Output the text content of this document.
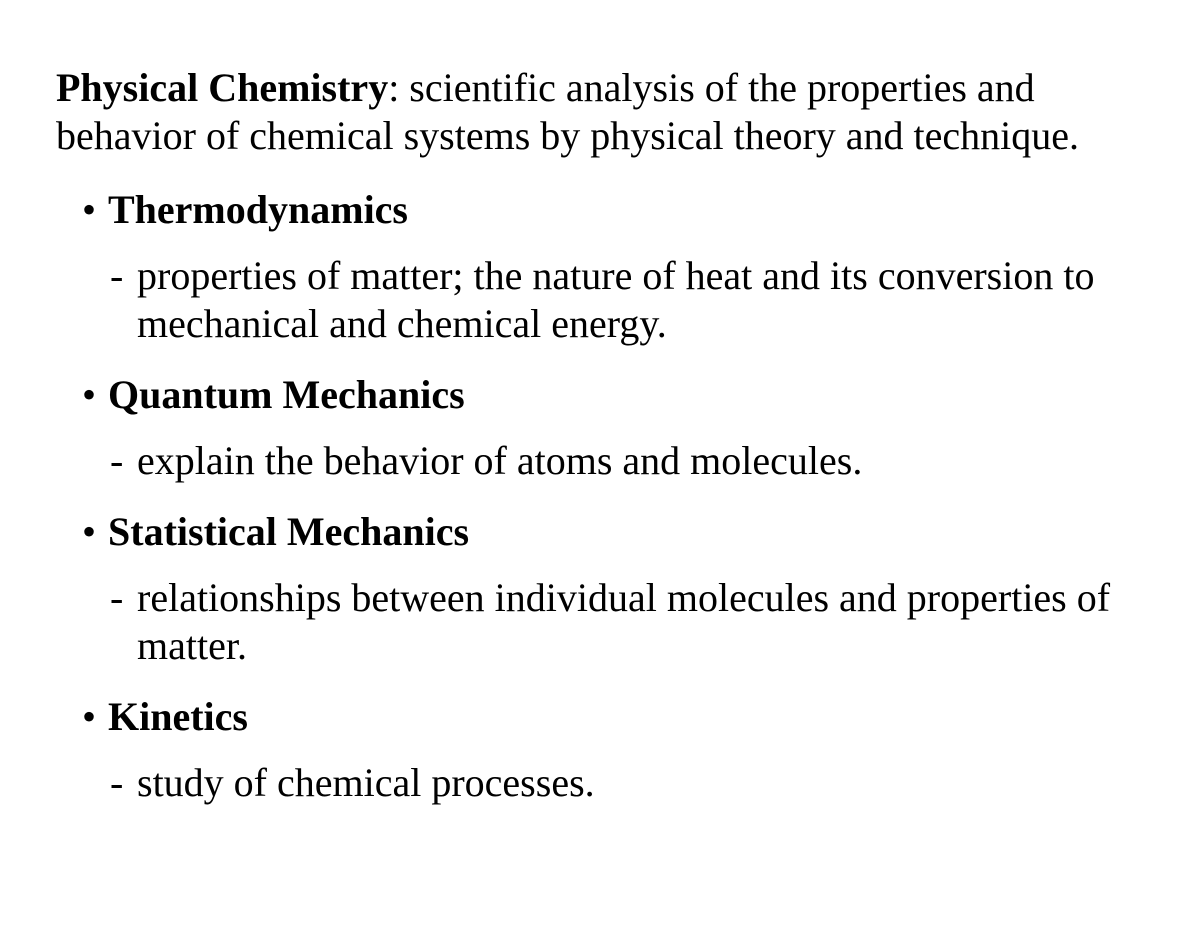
Physical Chemistry: scientific analysis of the properties and behavior of chemical systems by physical theory and technique.

• Thermodynamics
- properties of matter; the nature of heat and its conversion to mechanical and chemical energy.
• Quantum Mechanics
- explain the behavior of atoms and molecules.
• Statistical Mechanics
- relationships between individual molecules and properties of matter.
• Kinetics
- study of chemical processes.
